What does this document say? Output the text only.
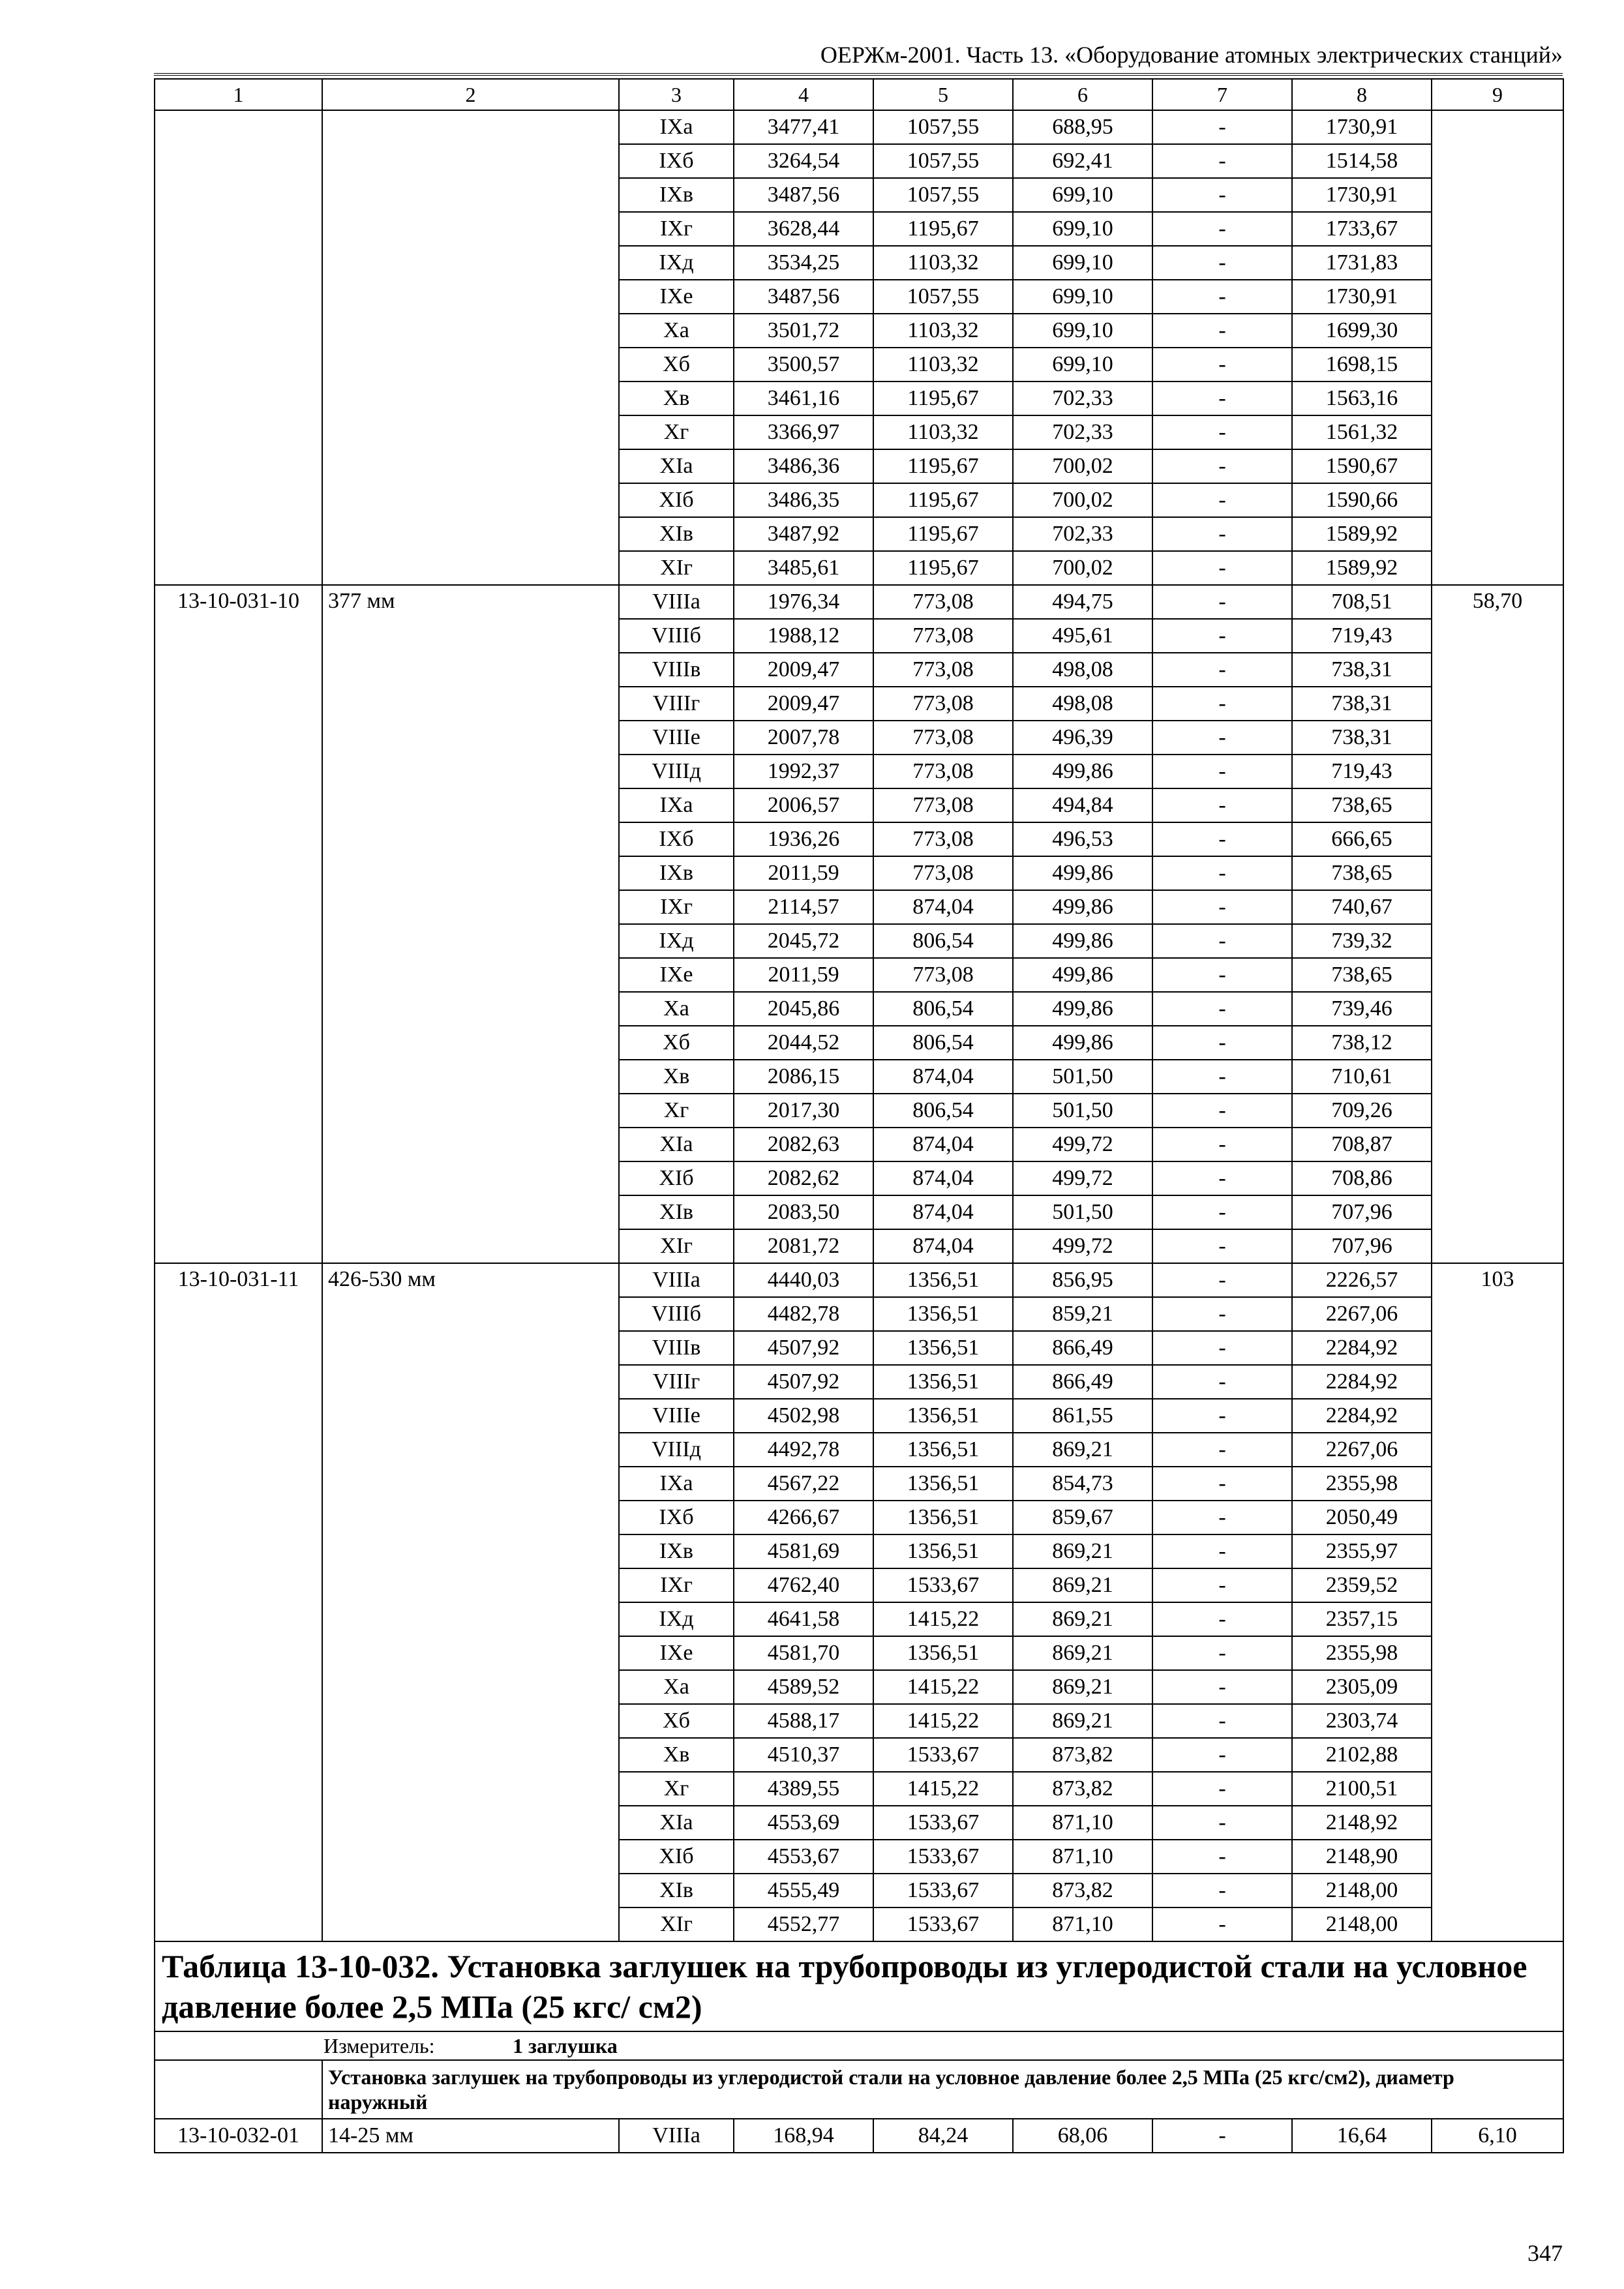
ОЕРЖм-2001. Часть 13. «Оборудование атомных электрических станций»
1	2	3	4	5	6	7	8	9
		IXa	3477,41	1057,55	688,95	-	1730,91	
		IXб	3264,54	1057,55	692,41	-	1514,58	
		IXв	3487,56	1057,55	699,10	-	1730,91	
		IXг	3628,44	1195,67	699,10	-	1733,67	
		IXд	3534,25	1103,32	699,10	-	1731,83	
		IXe	3487,56	1057,55	699,10	-	1730,91	
		Xa	3501,72	1103,32	699,10	-	1699,30	
		Xб	3500,57	1103,32	699,10	-	1698,15	
		Xв	3461,16	1195,67	702,33	-	1563,16	
		Xг	3366,97	1103,32	702,33	-	1561,32	
		XIa	3486,36	1195,67	700,02	-	1590,67	
		XIб	3486,35	1195,67	700,02	-	1590,66	
		XIв	3487,92	1195,67	702,33	-	1589,92	
		XIг	3485,61	1195,67	700,02	-	1589,92	
13-10-031-10	377 мм	VIIIa	1976,34	773,08	494,75	-	708,51	58,70
		VIIIб	1988,12	773,08	495,61	-	719,43	
		VIIIв	2009,47	773,08	498,08	-	738,31	
		VIIIг	2009,47	773,08	498,08	-	738,31	
		VIIIe	2007,78	773,08	496,39	-	738,31	
		VIIIд	1992,37	773,08	499,86	-	719,43	
		IXa	2006,57	773,08	494,84	-	738,65	
		IXб	1936,26	773,08	496,53	-	666,65	
		IXв	2011,59	773,08	499,86	-	738,65	
		IXг	2114,57	874,04	499,86	-	740,67	
		IXд	2045,72	806,54	499,86	-	739,32	
		IXe	2011,59	773,08	499,86	-	738,65	
		Xa	2045,86	806,54	499,86	-	739,46	
		Xб	2044,52	806,54	499,86	-	738,12	
		Xв	2086,15	874,04	501,50	-	710,61	
		Xг	2017,30	806,54	501,50	-	709,26	
		XIa	2082,63	874,04	499,72	-	708,87	
		XIб	2082,62	874,04	499,72	-	708,86	
		XIв	2083,50	874,04	501,50	-	707,96	
		XIг	2081,72	874,04	499,72	-	707,96	
13-10-031-11	426-530 мм	VIIIa	4440,03	1356,51	856,95	-	2226,57	103
		VIIIб	4482,78	1356,51	859,21	-	2267,06	
		VIIIв	4507,92	1356,51	866,49	-	2284,92	
		VIIIг	4507,92	1356,51	866,49	-	2284,92	
		VIIIe	4502,98	1356,51	861,55	-	2284,92	
		VIIIд	4492,78	1356,51	869,21	-	2267,06	
		IXa	4567,22	1356,51	854,73	-	2355,98	
		IXб	4266,67	1356,51	859,67	-	2050,49	
		IXв	4581,69	1356,51	869,21	-	2355,97	
		IXг	4762,40	1533,67	869,21	-	2359,52	
		IXд	4641,58	1415,22	869,21	-	2357,15	
		IXe	4581,70	1356,51	869,21	-	2355,98	
		Xa	4589,52	1415,22	869,21	-	2305,09	
		Xб	4588,17	1415,22	869,21	-	2303,74	
		Xв	4510,37	1533,67	873,82	-	2102,88	
		Xг	4389,55	1415,22	873,82	-	2100,51	
		XIa	4553,69	1533,67	871,10	-	2148,92	
		XIб	4553,67	1533,67	871,10	-	2148,90	
		XIв	4555,49	1533,67	873,82	-	2148,00	
		XIг	4552,77	1533,67	871,10	-	2148,00	
Таблица 13-10-032. Установка заглушек на трубопроводы из углеродистой стали на условное давление более 2,5 МПа (25 кгс/ см2)								
Измеритель: 1 заглушка								
	Установка заглушек на трубопроводы из углеродистой стали на условное давление более 2,5 МПа (25 кгс/см2), диаметр наружный							
13-10-032-01	14-25 мм	VIIIa	168,94	84,24	68,06	-	16,64	6,10
347
